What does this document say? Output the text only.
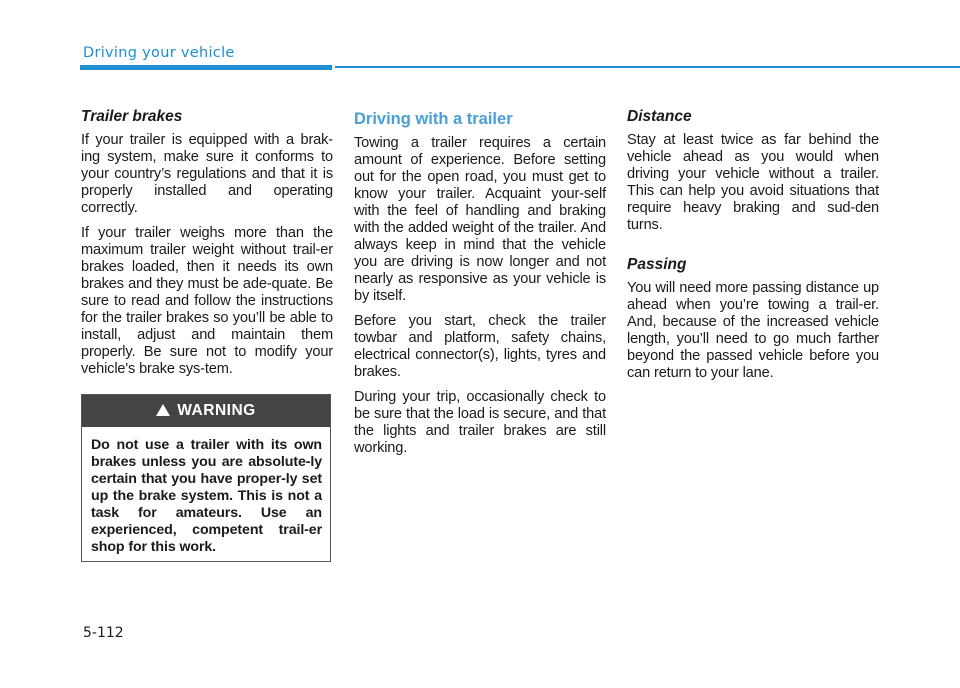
Driving your vehicle
Trailer brakes

If your trailer is equipped with a brak-ing system, make sure it conforms to your country’s regulations and that it is properly installed and operating correctly.

If your trailer weighs more than the maximum trailer weight without trail-er brakes loaded, then it needs its own brakes and they must be ade-quate. Be sure to read and follow the instructions for the trailer brakes so you’ll be able to install, adjust and maintain them properly. Be sure not to modify your vehicle's brake sys-tem.

WARNING
Do not use a trailer with its own brakes unless you are absolute-ly certain that you have proper-ly set up the brake system. This is not a task for amateurs. Use an experienced, competent trail-er shop for this work.
Driving with a trailer

Towing a trailer requires a certain amount of experience. Before setting out for the open road, you must get to know your trailer. Acquaint your-self with the feel of handling and braking with the added weight of the trailer. And always keep in mind that the vehicle you are driving is now longer and not nearly as responsive as your vehicle is by itself.

Before you start, check the trailer towbar and platform, safety chains, electrical connector(s), lights, tyres and brakes.

During your trip, occasionally check to be sure that the load is secure, and that the lights and trailer brakes are still working.

Distance

Stay at least twice as far behind the vehicle ahead as you would when driving your vehicle without a trailer. This can help you avoid situations that require heavy braking and sud-den turns.

Passing

You will need more passing distance up ahead when you’re towing a trail-er. And, because of the increased vehicle length, you’ll need to go much farther beyond the passed vehicle before you can return to your lane.

5-112
